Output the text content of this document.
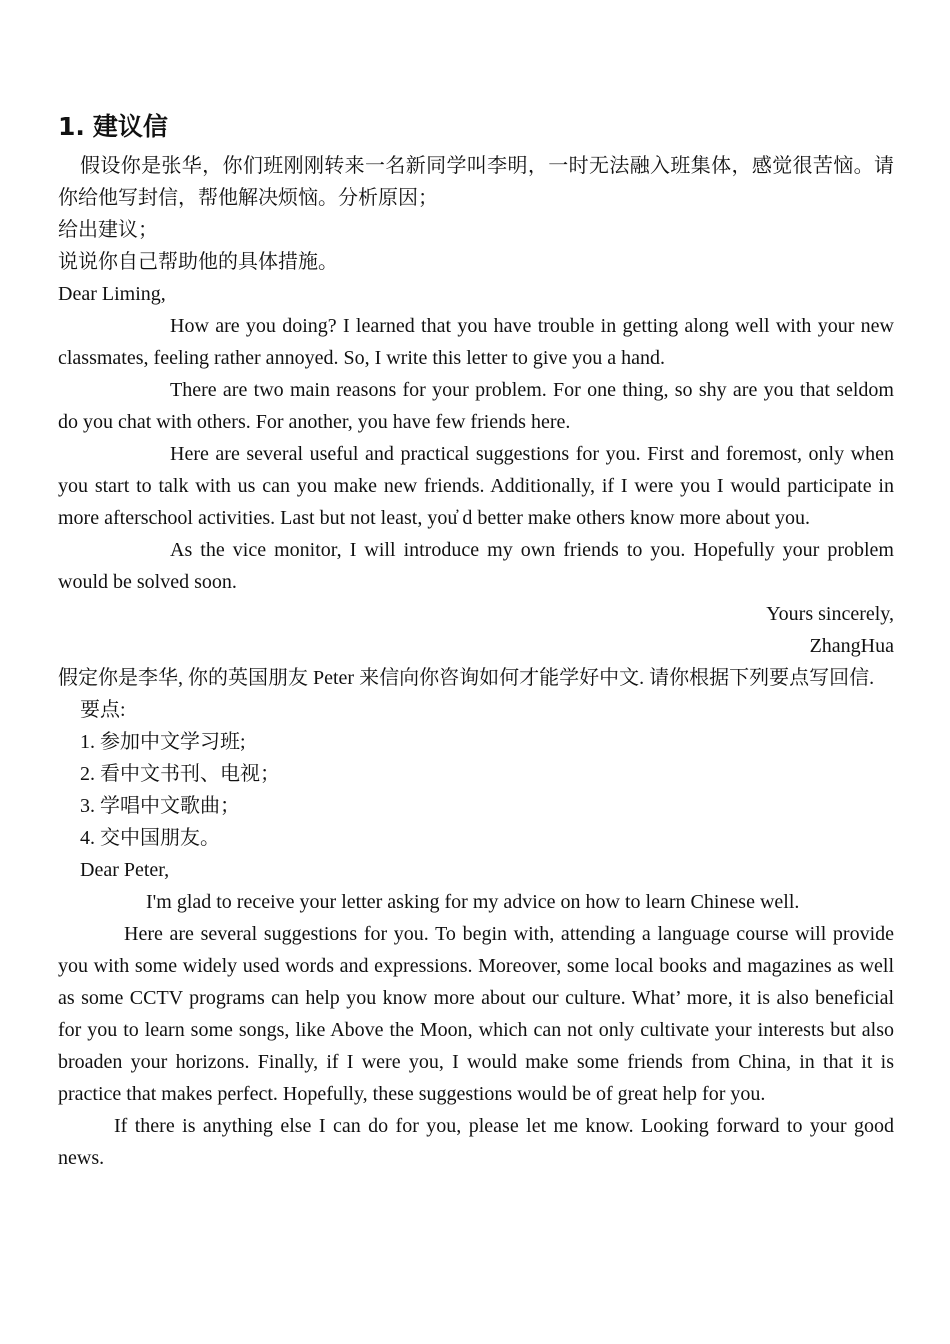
1. 建议信

假设你是张华，你们班刚刚转来一名新同学叫李明，一时无法融入班集体，感觉很苦恼。请你给他写封信，帮他解决烦恼。分析原因；

给出建议；

说说你自己帮助他的具体措施。

Dear Liming,

How are you doing? I learned that you have trouble in getting along well with your new classmates, feeling rather annoyed. So, I write this letter to give you a hand.

There are two main reasons for your problem. For one thing, so shy are you that seldom do you chat with others. For another, you have few friends here.

Here are several useful and practical suggestions for you. First and foremost, only when you start to talk with us can you make new friends. Additionally, if I were you I would participate in more afterschool activities. Last but not least, you̓ d better make others know more about you.

As the vice monitor, I will introduce my own friends to you. Hopefully your problem would be solved soon.

Yours sincerely,

ZhangHua

假定你是李华, 你的英国朋友 Peter 来信向你咨询如何才能学好中文. 请你根据下列要点写回信.

要点:

1. 参加中文学习班;

2. 看中文书刊、电视；

3. 学唱中文歌曲；

4. 交中国朋友。

Dear Peter,

I'm glad to receive your letter asking for my advice on how to learn Chinese well.

Here are several suggestions for you. To begin with, attending a language course will provide you with some widely used words and expressions. Moreover, some local books and magazines as well as some CCTV programs can help you know more about our culture. What’ more, it is also beneficial for you to learn some songs, like Above the Moon, which can not only cultivate your interests but also broaden your horizons. Finally, if I were you, I would make some friends from China, in that it is practice that makes perfect. Hopefully, these suggestions would be of great help for you.

If there is anything else I can do for you, please let me know. Looking forward to your good news.
